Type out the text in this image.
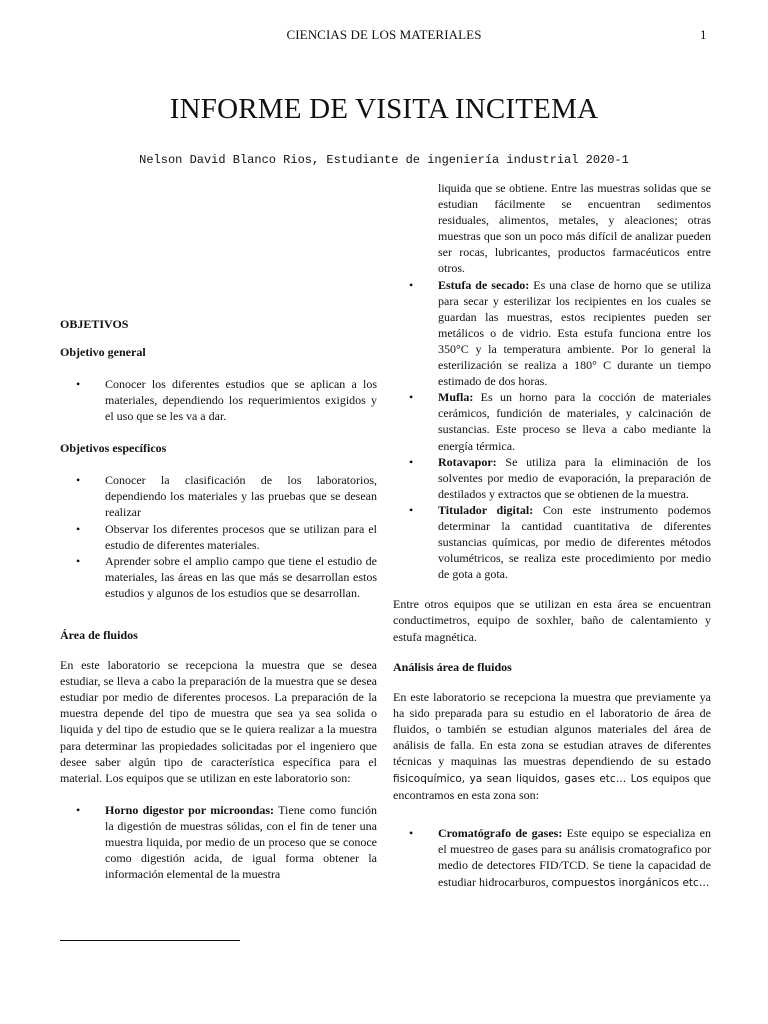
CIENCIAS DE LOS MATERIALES	1
INFORME DE VISITA INCITEMA
Nelson David Blanco Rios, Estudiante de ingeniería industrial 2020-1

OBJETIVOS

Objetivo general

• Conocer los diferentes estudios que se aplican a los materiales, dependiendo los requerimientos exigidos y el uso que se les va a dar.

Objetivos específicos

• Conocer la clasificación de los laboratorios, dependiendo los materiales y las pruebas que se desean realizar
• Observar los diferentes procesos que se utilizan para el estudio de diferentes materiales.
• Aprender sobre el amplio campo que tiene el estudio de materiales, las áreas en las que más se desarrollan estos estudios y algunos de los estudios que se desarrollan.

Área de fluidos

En este laboratorio se recepciona la muestra que se desea estudiar, se lleva a cabo la preparación de la muestra que se desea estudiar por medio de diferentes procesos. La preparación de la muestra depende del tipo de muestra que sea ya sea solida o liquida y del tipo de estudio que se le quiera realizar a la muestra para determinar las propiedades solicitadas por el ingeniero que desee saber algún tipo de característica específica para el material. Los equipos que se utilizan en este laboratorio son:

• Horno digestor por microondas: Tiene como función la digestión de muestras sólidas, con el fin de tener una muestra liquida, por medio de un proceso que se conoce como digestión acida, de igual forma obtener la información elemental de la muestra

liquida que se obtiene. Entre las muestras solidas que se estudian fácilmente se encuentran sedimentos residuales, alimentos, metales, y aleaciones; otras muestras que son un poco más difícil de analizar pueden ser rocas, lubricantes, productos farmacéuticos entre otros.

• Estufa de secado: Es una clase de horno que se utiliza para secar y esterilizar los recipientes en los cuales se guardan las muestras, estos recipientes pueden ser metálicos o de vidrio. Esta estufa funciona entre los 350°C y la temperatura ambiente. Por lo general la esterilización se realiza a 180° C durante un tiempo estimado de dos horas.
• Mufla: Es un horno para la cocción de materiales cerámicos, fundición de materiales, y calcinación de sustancias. Este proceso se lleva a cabo mediante la energía térmica.
• Rotavapor: Se utiliza para la eliminación de los solventes por medio de evaporación, la preparación de destilados y extractos que se obtienen de la muestra.
• Titulador digital: Con este instrumento podemos determinar la cantidad cuantitativa de diferentes sustancias químicas, por medio de diferentes métodos volumétricos, se realiza este procedimiento por medio de gota a gota.

Entre otros equipos que se utilizan en esta área se encuentran conductimetros, equipo de soxhler, baño de calentamiento y estufa magnética.

Análisis área de fluidos

En este laboratorio se recepciona la muestra que previamente ya ha sido preparada para su estudio en el laboratorio de área de fluidos, o también se estudian algunos materiales del área de análisis de falla. En esta zona se estudian atraves de diferentes técnicas y maquinas las muestras dependiendo de su estado fisicoquímico, ya sean liquidos, gases etc… Los equipos que encontramos en esta zona son:

• Cromatógrafo de gases: Este equipo se especializa en el muestreo de gases para su análisis cromatografico por medio de detectores FID/TCD. Se tiene la capacidad de estudiar hidrocarburos, compuestos inorgánicos etc…
